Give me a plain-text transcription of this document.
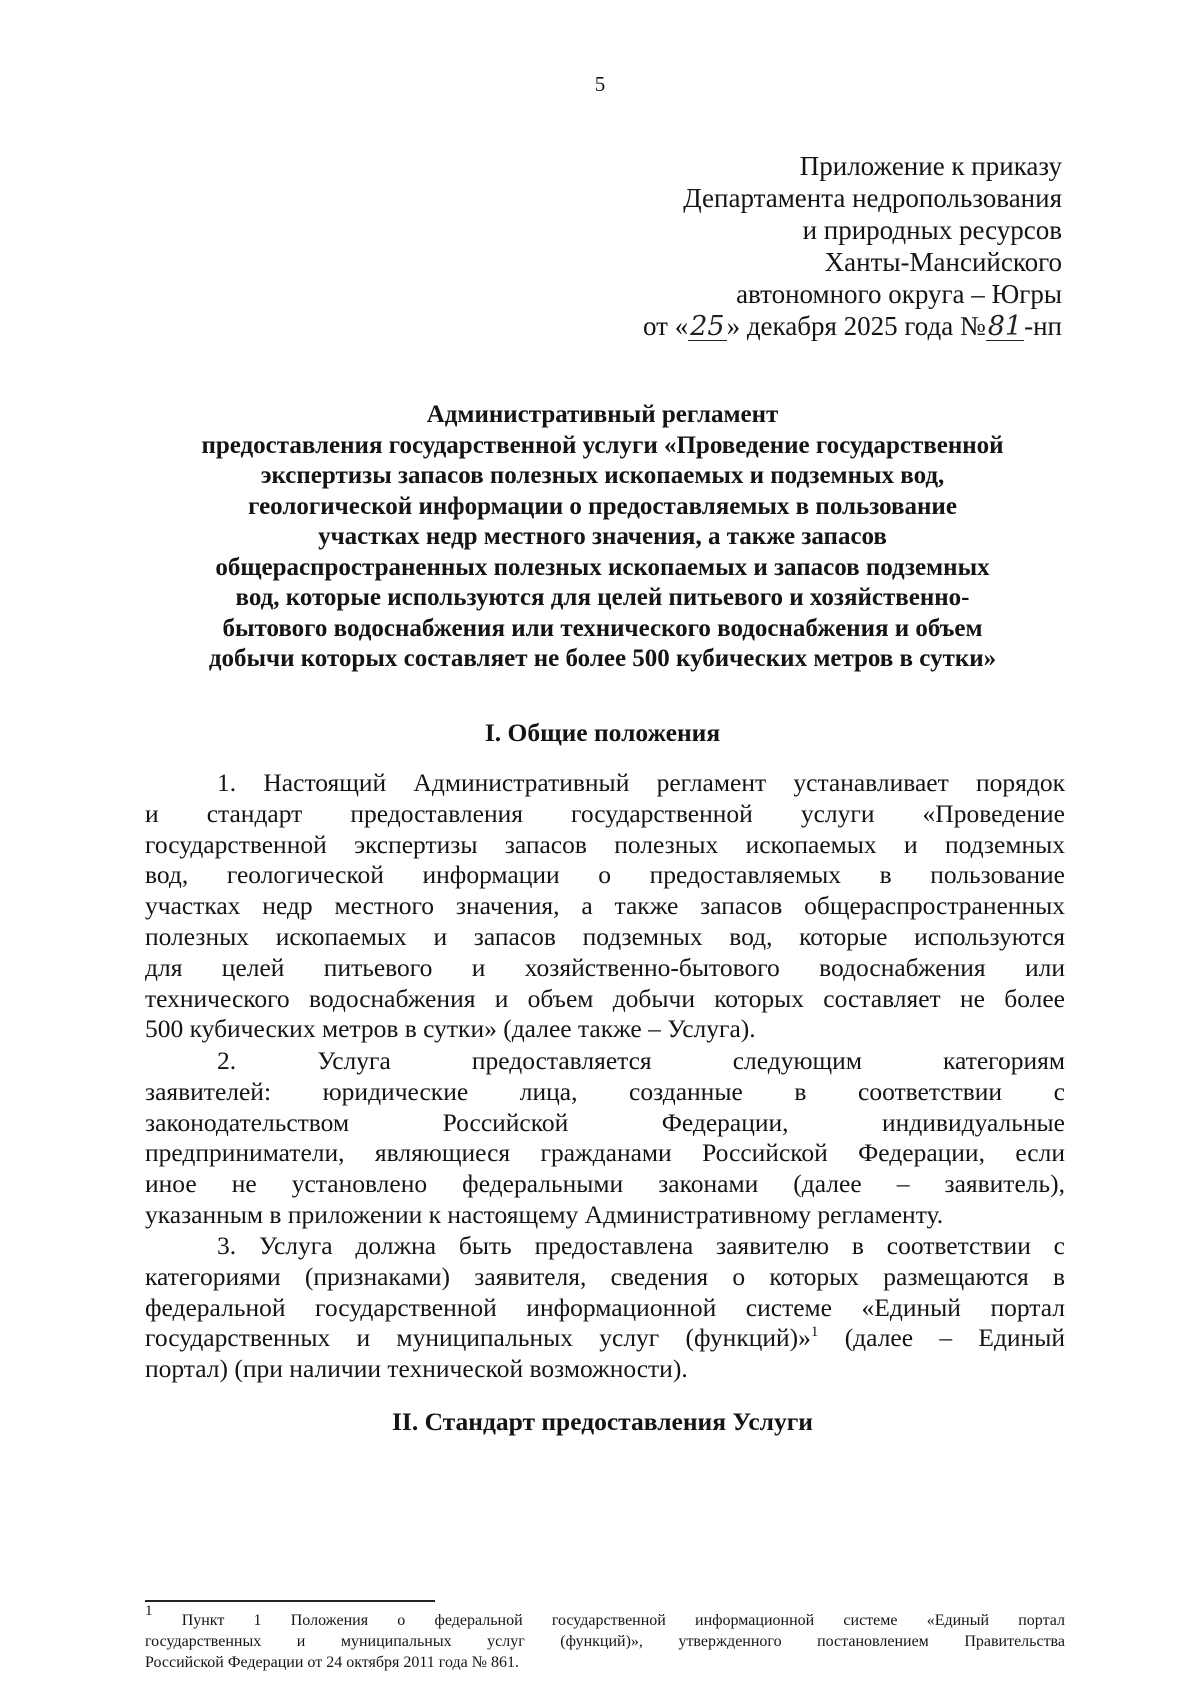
5
Приложение к приказу
Департамента недропользования
и природных ресурсов
Ханты-Мансийского
автономного округа – Югры
от «25» декабря 2025 года №81-нп
Административный регламент
предоставления государственной услуги «Проведение государственной
экспертизы запасов полезных ископаемых и подземных вод,
геологической информации о предоставляемых в пользование
участках недр местного значения, а также запасов
общераспространенных полезных ископаемых и запасов подземных
вод, которые используются для целей питьевого и хозяйственно-
бытового водоснабжения или технического водоснабжения и объем
добычи которых составляет не более 500 кубических метров в сутки»
I. Общие положения
1. Настоящий Административный регламент устанавливает порядок
и стандарт предоставления государственной услуги «Проведение
государственной экспертизы запасов полезных ископаемых и подземных
вод, геологической информации о предоставляемых в пользование
участках недр местного значения, а также запасов общераспространенных
полезных ископаемых и запасов подземных вод, которые используются
для целей питьевого и хозяйственно-бытового водоснабжения или
технического водоснабжения и объем добычи которых составляет не более
500 кубических метров в сутки» (далее также – Услуга).
2. Услуга предоставляется следующим категориям
заявителей: юридические лица, созданные в соответствии с
законодательством Российской Федерации, индивидуальные
предприниматели, являющиеся гражданами Российской Федерации, если
иное не установлено федеральными законами (далее – заявитель),
указанным в приложении к настоящему Административному регламенту.
3. Услуга должна быть предоставлена заявителю в соответствии с
категориями (признаками) заявителя, сведения о которых размещаются в
федеральной государственной информационной системе «Единый портал
государственных и муниципальных услуг (функций)»$^1$ (далее – Единый
портал) (при наличии технической возможности).
II. Стандарт предоставления Услуги
$^1$ Пункт 1 Положения о федеральной государственной информационной системе «Единый портал
государственных и муниципальных услуг (функций)», утвержденного постановлением Правительства
Российской Федерации от 24 октября 2011 года № 861.
